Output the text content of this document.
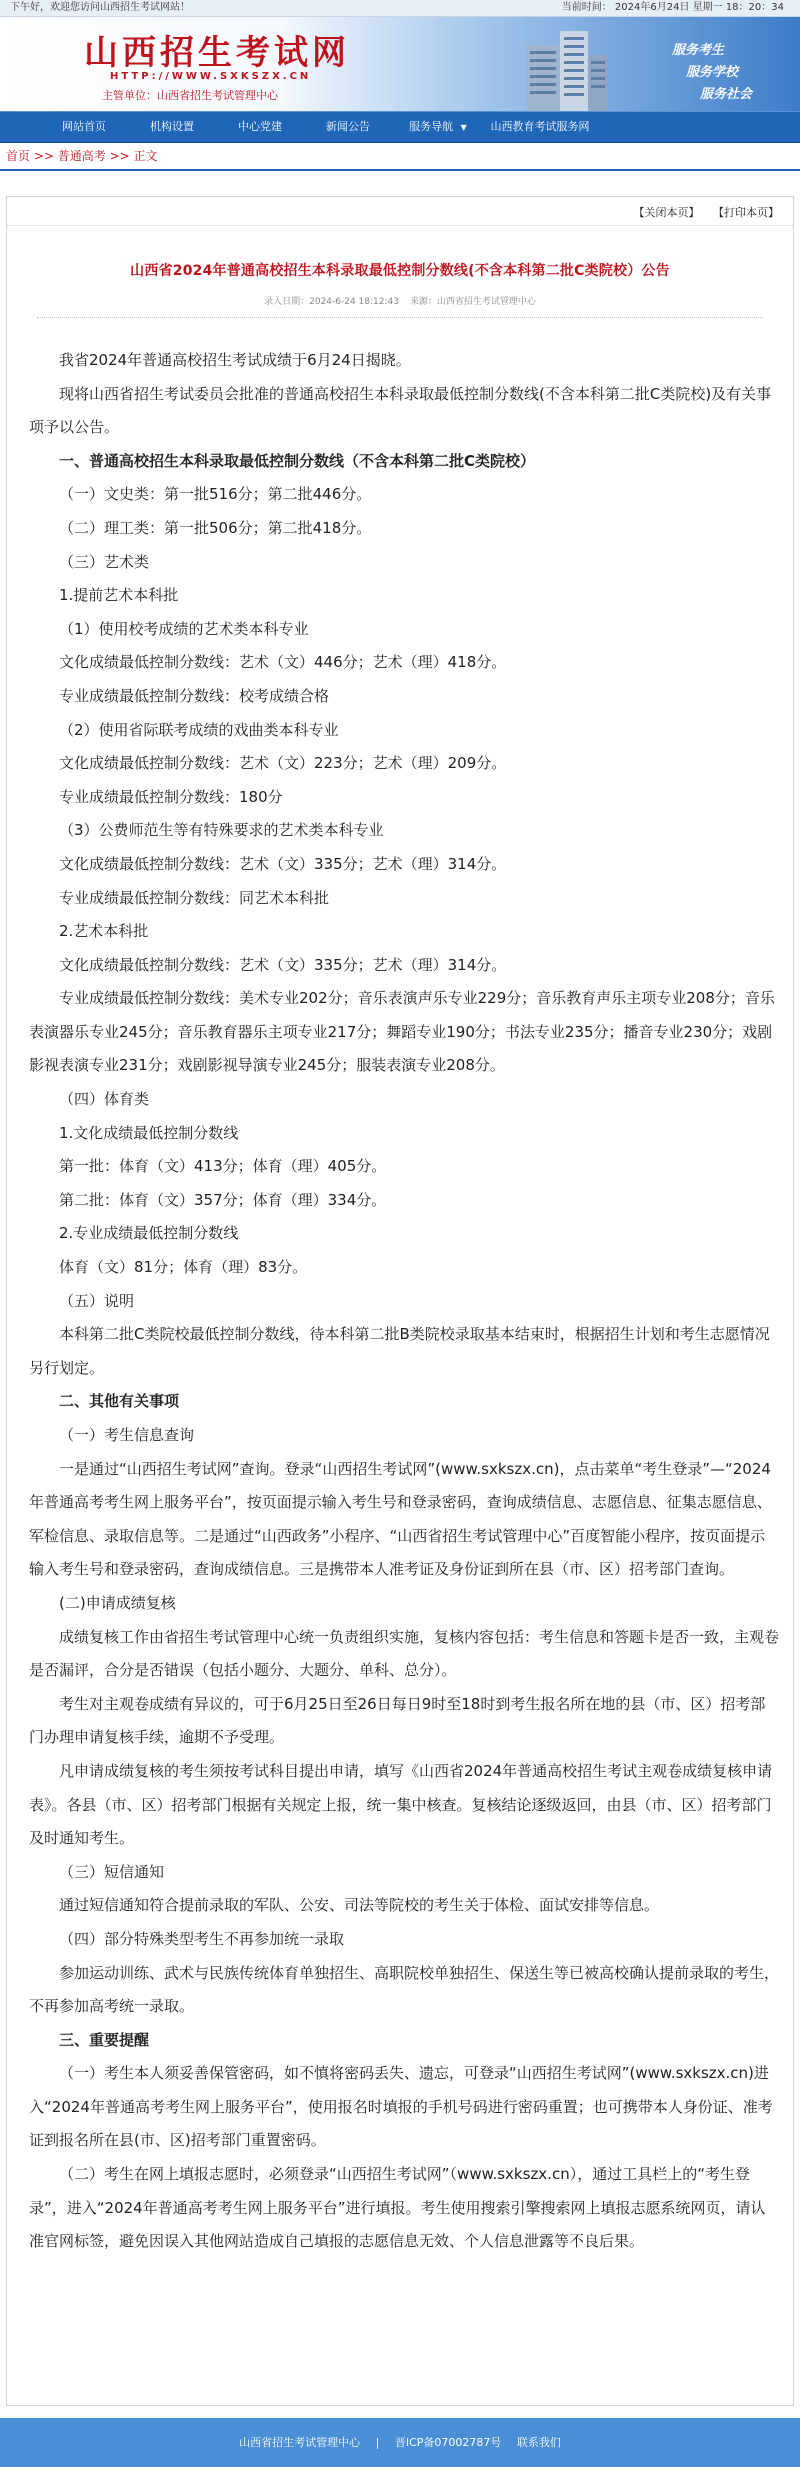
下午好，欢迎您访问山西招生考试网站！	当前时间： 2024年6月24日 星期一 18：20：34
山西招生考试网
HTTP://WWW.SXKSZX.CN
主管单位：山西省招生考试管理中心
服务考生
服务学校
服务社会
网站首页	机构设置	中心党建	新闻公告	服务导航 ▼	山西教育考试服务网
首页 >> 普通高考 >> 正文
【关闭本页】 【打印本页】
山西省2024年普通高校招生本科录取最低控制分数线(不含本科第二批C类院校）公告
录入日期：2024-6-24 18:12:43 来源：山西省招生考试管理中心

我省2024年普通高校招生考试成绩于6月24日揭晓。

现将山西省招生考试委员会批准的普通高校招生本科录取最低控制分数线(不含本科第二批C类院校)及有关事项予以公告。

一、普通高校招生本科录取最低控制分数线（不含本科第二批C类院校）

（一）文史类：第一批516分；第二批446分。

（二）理工类：第一批506分；第二批418分。

（三）艺术类

1.提前艺术本科批

（1）使用校考成绩的艺术类本科专业

文化成绩最低控制分数线：艺术（文）446分；艺术（理）418分。

专业成绩最低控制分数线：校考成绩合格

（2）使用省际联考成绩的戏曲类本科专业

文化成绩最低控制分数线：艺术（文）223分；艺术（理）209分。

专业成绩最低控制分数线：180分

（3）公费师范生等有特殊要求的艺术类本科专业

文化成绩最低控制分数线：艺术（文）335分；艺术（理）314分。

专业成绩最低控制分数线：同艺术本科批

2.艺术本科批

文化成绩最低控制分数线：艺术（文）335分；艺术（理）314分。

专业成绩最低控制分数线：美术专业202分；音乐表演声乐专业229分；音乐教育声乐主项专业208分；音乐表演器乐专业245分；音乐教育器乐主项专业217分；舞蹈专业190分；书法专业235分；播音专业230分；戏剧影视表演专业231分；戏剧影视导演专业245分；服装表演专业208分。

（四）体育类

1.文化成绩最低控制分数线

第一批：体育（文）413分；体育（理）405分。

第二批：体育（文）357分；体育（理）334分。

2.专业成绩最低控制分数线

体育（文）81分；体育（理）83分。

（五）说明

本科第二批C类院校最低控制分数线，待本科第二批B类院校录取基本结束时，根据招生计划和考生志愿情况另行划定。

二、其他有关事项

（一）考生信息查询

一是通过“山西招生考试网”查询。登录“山西招生考试网”(www.sxkszx.cn)，点击菜单“考生登录”—“2024年普通高考考生网上服务平台”，按页面提示输入考生号和登录密码，查询成绩信息、志愿信息、征集志愿信息、军检信息、录取信息等。二是通过“山西政务”小程序、“山西省招生考试管理中心”百度智能小程序，按页面提示输入考生号和登录密码，查询成绩信息。三是携带本人准考证及身份证到所在县（市、区）招考部门查询。

(二)申请成绩复核

成绩复核工作由省招生考试管理中心统一负责组织实施，复核内容包括：考生信息和答题卡是否一致，主观卷是否漏评，合分是否错误（包括小题分、大题分、单科、总分）。

考生对主观卷成绩有异议的，可于6月25日至26日每日9时至18时到考生报名所在地的县（市、区）招考部门办理申请复核手续，逾期不予受理。

凡申请成绩复核的考生须按考试科目提出申请，填写《山西省2024年普通高校招生考试主观卷成绩复核申请表》。各县（市、区）招考部门根据有关规定上报，统一集中核查。复核结论逐级返回，由县（市、区）招考部门及时通知考生。

（三）短信通知

通过短信通知符合提前录取的军队、公安、司法等院校的考生关于体检、面试安排等信息。

（四）部分特殊类型考生不再参加统一录取

参加运动训练、武术与民族传统体育单独招生、高职院校单独招生、保送生等已被高校确认提前录取的考生，不再参加高考统一录取。

三、重要提醒

（一）考生本人须妥善保管密码，如不慎将密码丢失、遗忘，可登录“山西招生考试网”(www.sxkszx.cn)进入“2024年普通高考考生网上服务平台”，使用报名时填报的手机号码进行密码重置；也可携带本人身份证、准考证到报名所在县(市、区)招考部门重置密码。

（二）考生在网上填报志愿时，必须登录“山西招生考试网”（www.sxkszx.cn），通过工具栏上的“考生登录”，进入“2024年普通高考考生网上服务平台”进行填报。考生使用搜索引擎搜索网上填报志愿系统网页，请认准官网标签，避免因误入其他网站造成自己填报的志愿信息无效、个人信息泄露等不良后果。

山西省招生考试管理中心 | 晋ICP备07002787号 联系我们
